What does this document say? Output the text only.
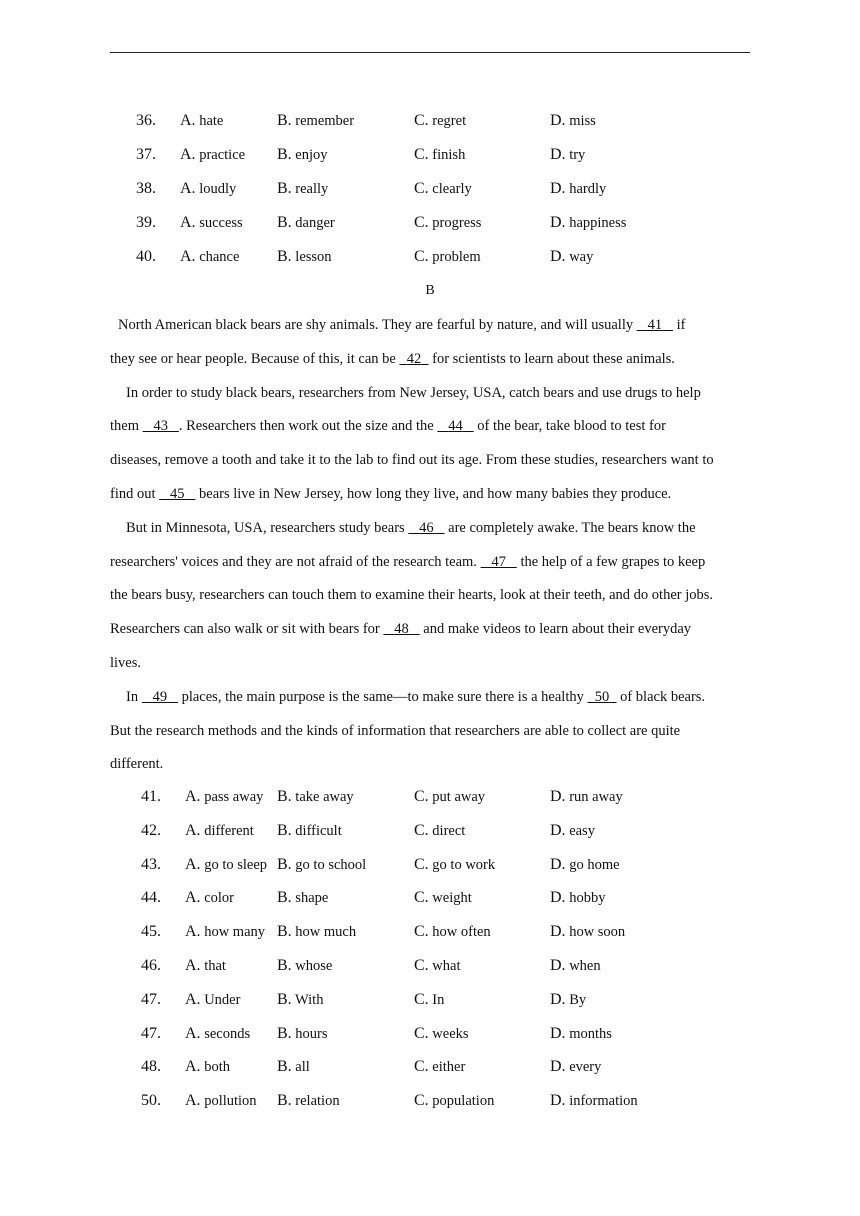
36. A. hate	B. remember	C. regret	D. miss
37. A. practice B. enjoy	C. finish	D. try
38. A. loudly	B. really	C. clearly	D. hardly
39. A. success B. danger	C. progress	D. happiness
40. A. chance B. lesson	C. problem	D. way
B
North American black bears are shy animals. They are fearful by nature, and will usually 41 if
they see or hear people. Because of this, it can be 42 for scientists to learn about these animals.
In order to study black bears, researchers from New Jersey, USA, catch bears and use drugs to help
them 43 . Researchers then work out the size and the 44 of the bear, take blood to test for
diseases, remove a tooth and take it to the lab to find out its age. From these studies, researchers want to
find out 45 bears live in New Jersey, how long they live, and how many babies they produce.
But in Minnesota, USA, researchers study bears 46 are completely awake. The bears know the
researchers' voices and they are not afraid of the research team. 47 the help of a few grapes to keep
the bears busy, researchers can touch them to examine their hearts, look at their teeth, and do other jobs.
Researchers can also walk or sit with bears for 48 and make videos to learn about their everyday
lives.
In 49 places, the main purpose is the same—to make sure there is a healthy 50 of black bears.
But the research methods and the kinds of information that researchers are able to collect are quite
different.
41. A. pass away B. take away	C. put away	D. run away
42. A. different B. difficult	C. direct	D. easy
43. A. go to sleep B. go to school	C. go to work	D. go home
44. A. color	B. shape	C. weight	D. hobby
45. A. how many B. how much	C. how often	D. how soon
46. A. that	B. whose	C. what	D. when
47. A. Under B. With	C. In	D. By
47. A. seconds B. hours	C. weeks	D. months
48. A. both	B. all	C. either	D. every
50. A. pollution B. relation	C. population	D. information
